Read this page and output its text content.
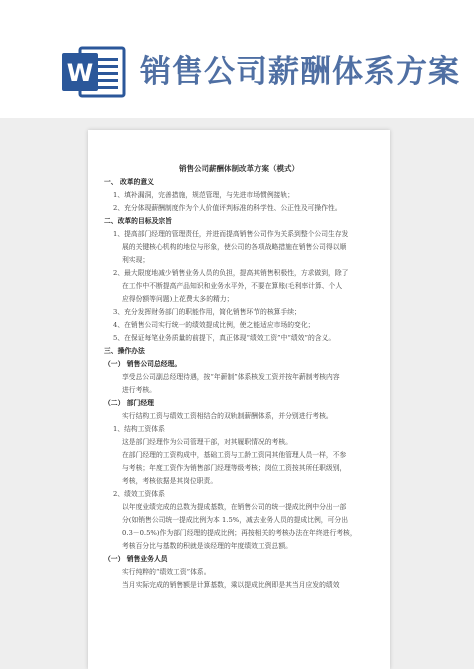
W 销售公司薪酬体系方案
销售公司薪酬体制改革方案（模式）
一、 改革的意义
1、填补漏洞，完善措施，规范管理，与先进市场惯例接轨；
2、充分体现薪酬制度作为个人价值评判标准的科学性、公正性及可操作性。
二、改革的目标及宗旨
1、提高部门经理的管理责任，并进而提高销售公司作为关系到整个公司生存发
展的关键核心机构的地位与形象，使公司的各项战略措施在销售公司得以顺
利实现；
2、最大限度地减少销售业务人员的负担，提高其销售积极性，方求做到，除了
在工作中不断提高产品知识和业务水平外，不要在算账(毛利率计算、个人
应得份额等问题)上花费太多的精力；
3、充分发挥财务部门的职能作用，简化销售环节的核算手续；
4、在销售公司实行统一的绩效提成比例，使之能适应市场的变化；
5、在保证每笔业务质量的前提下，真正体现“绩效工资”中“绩效”的含义。
三、操作办法
（一） 销售公司总经理。
享受总公司副总经理待遇，按“年薪制”体系核发工资并按年薪制考核内容
进行考核。
（二） 部门经理
实行结构工资与绩效工资相结合的双轨制薪酬体系，并分别进行考核。
1、结构工资体系
这是部门经理作为公司管理干部，对其履职情况的考核。
在部门经理的工资构成中，基础工资与工龄工资同其他管理人员一样，不参
与考核；年度工资作为销售部门经理等级考核；岗位工资按其所任职级别，
考核，考核依据是其岗位职责。
2、绩效工资体系
以年度业绩完成的总数为提成基数，在销售公司的统一提成比例中分出一部
分(如销售公司统一提成比例为本 1.5%，减去业务人员的提成比例，可分出
0.3－0.5%)作为部门经理的提成比例；再按相关的考核办法在年终进行考核，
考核百分比与基数的积就是该经理的年度绩效工资总额。
（一） 销售业务人员
实行纯粹的“绩效工资”体系。
当月实际完成的销售额是计算基数，乘以提成比例即是其当月应发的绩效
